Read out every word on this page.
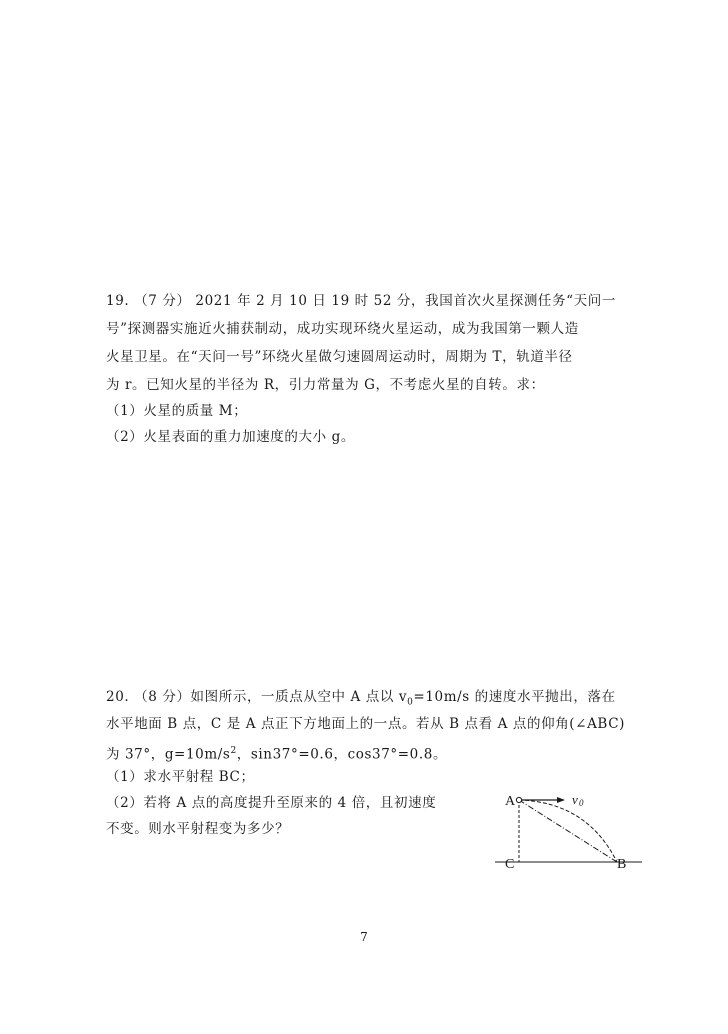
19. （7 分） 2021 年 2 月 10 日 19 时 52 分，我国首次火星探测任务“天问一
号”探测器实施近火捕获制动，成功实现环绕火星运动，成为我国第一颗人造
火星卫星。在“天问一号”环绕火星做匀速圆周运动时，周期为 T，轨道半径
为 r。已知火星的半径为 R，引力常量为 G，不考虑火星的自转。求：
（1）火星的质量 M；
（2）火星表面的重力加速度的大小 g。
20. （8 分）如图所示，一质点从空中 A 点以 $v_0=10m/s$ 的速度水平抛出，落在
水平地面 B 点，C 是 A 点正下方地面上的一点。若从 B 点看 A 点的仰角(∠ABC)
为 37°，$g=10m/s^2$，sin37°=0.6，cos37°=0.8。
（1）求水平射程 BC；
（2）若将 A 点的高度提升至原来的 4 倍，且初速度
不变。则水平射程变为多少？
A	v 0
C	B
7
